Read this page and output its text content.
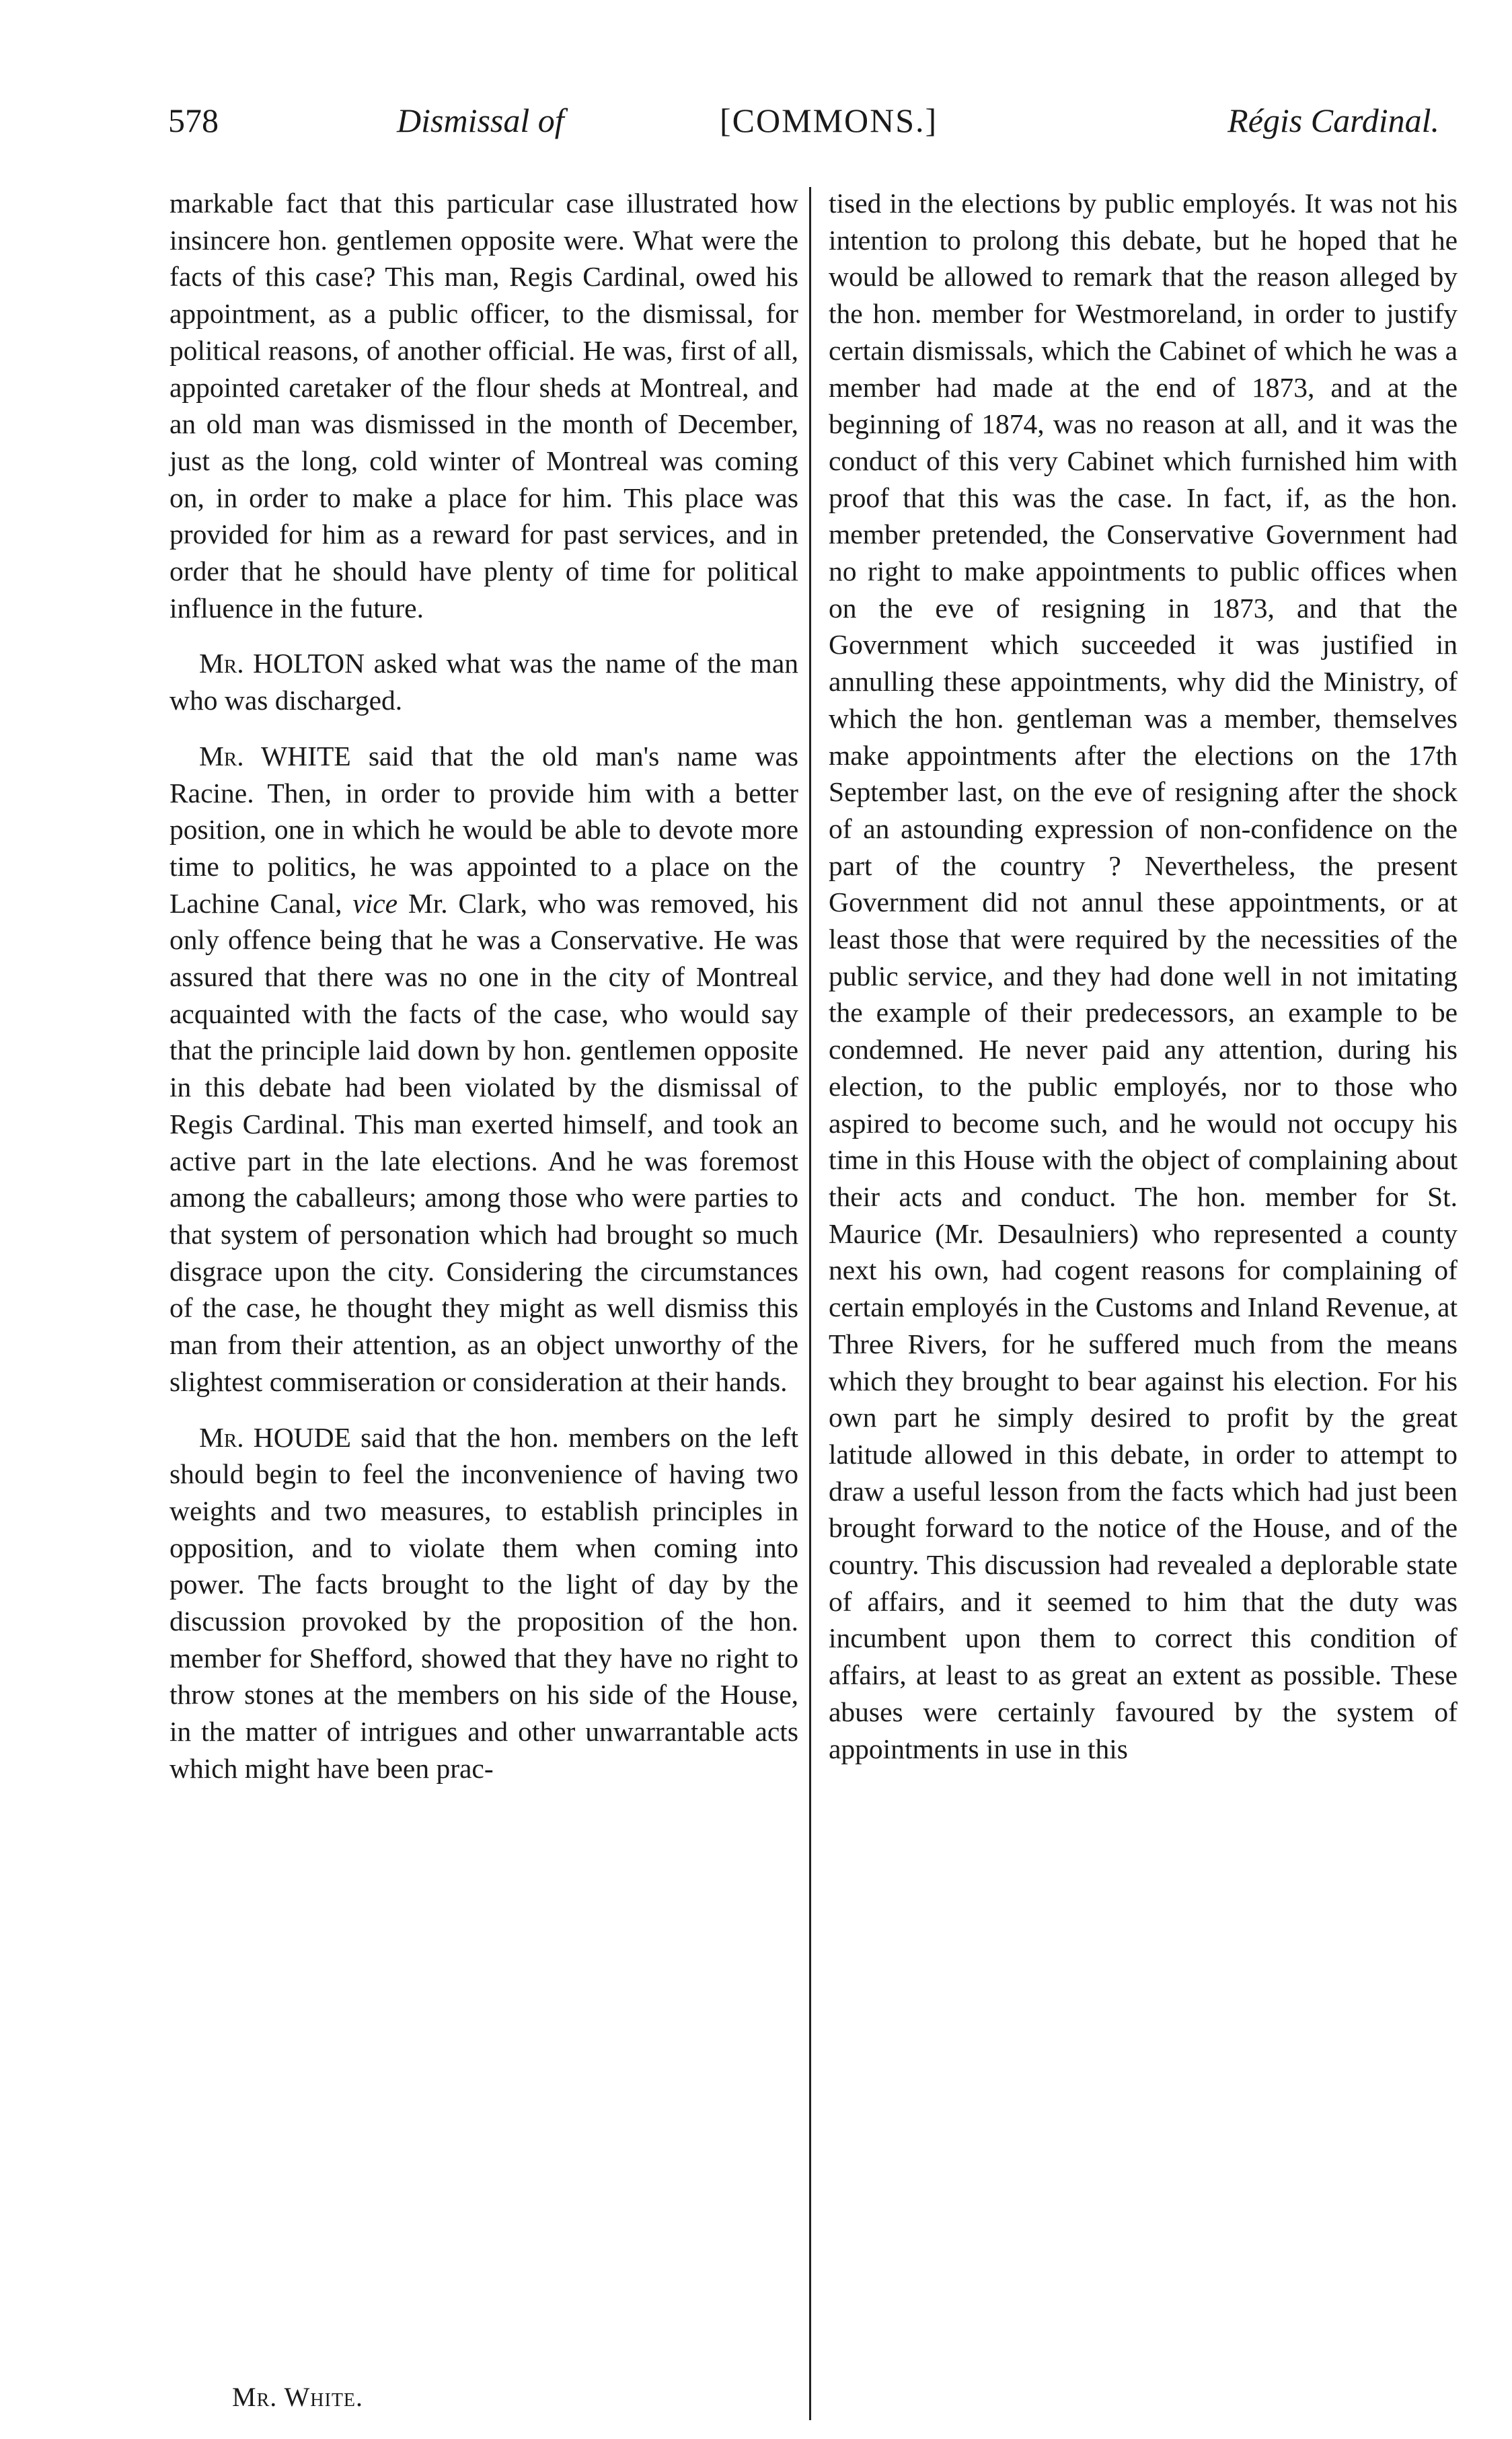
578	Dismissal of	[COMMONS.]	Régis Cardinal.

markable fact that this particular case illustrated how insincere hon. gentlemen opposite were. What were the facts of this case? This man, Regis Cardinal, owed his appointment, as a public officer, to the dismissal, for political reasons, of another official. He was, first of all, appointed caretaker of the flour sheds at Montreal, and an old man was dismissed in the month of December, just as the long, cold winter of Montreal was coming on, in order to make a place for him. This place was provided for him as a reward for past services, and in order that he should have plenty of time for political influence in the future.

Mr. HOLTON asked what was the name of the man who was discharged.

Mr. WHITE said that the old man's name was Racine. Then, in order to provide him with a better position, one in which he would be able to devote more time to politics, he was appointed to a place on the Lachine Canal, vice Mr. Clark, who was removed, his only offence being that he was a Conservative. He was assured that there was no one in the city of Montreal acquainted with the facts of the case, who would say that the principle laid down by hon. gentlemen opposite in this debate had been violated by the dismissal of Regis Cardinal. This man exerted himself, and took an active part in the late elections. And he was foremost among the caballeurs; among those who were parties to that system of personation which had brought so much disgrace upon the city. Considering the circumstances of the case, he thought they might as well dismiss this man from their attention, as an object unworthy of the slightest commiseration or consideration at their hands.

Mr. HOUDE said that the hon. members on the left should begin to feel the inconvenience of having two weights and two measures, to establish principles in opposition, and to violate them when coming into power. The facts brought to the light of day by the discussion provoked by the proposition of the hon. member for Shefford, showed that they have no right to throw stones at the members on his side of the House, in the matter of intrigues and other unwarrantable acts which might have been prac-

tised in the elections by public employés. It was not his intention to prolong this debate, but he hoped that he would be allowed to remark that the reason alleged by the hon. member for Westmoreland, in order to justify certain dismissals, which the Cabinet of which he was a member had made at the end of 1873, and at the beginning of 1874, was no reason at all, and it was the conduct of this very Cabinet which furnished him with proof that this was the case. In fact, if, as the hon. member pretended, the Conservative Government had no right to make appointments to public offices when on the eve of resigning in 1873, and that the Government which succeeded it was justified in annulling these appointments, why did the Ministry, of which the hon. gentleman was a member, themselves make appointments after the elections on the 17th September last, on the eve of resigning after the shock of an astounding expression of non-confidence on the part of the country ? Nevertheless, the present Government did not annul these appointments, or at least those that were required by the necessities of the public service, and they had done well in not imitating the example of their predecessors, an example to be condemned. He never paid any attention, during his election, to the public employés, nor to those who aspired to become such, and he would not occupy his time in this House with the object of complaining about their acts and conduct. The hon. member for St. Maurice (Mr. Desaulniers) who represented a county next his own, had cogent reasons for complaining of certain employés in the Customs and Inland Revenue, at Three Rivers, for he suffered much from the means which they brought to bear against his election. For his own part he simply desired to profit by the great latitude allowed in this debate, in order to attempt to draw a useful lesson from the facts which had just been brought forward to the notice of the House, and of the country. This discussion had revealed a deplorable state of affairs, and it seemed to him that the duty was incumbent upon them to correct this condition of affairs, at least to as great an extent as possible. These abuses were certainly favoured by the system of appointments in use in this

Mr. White.
